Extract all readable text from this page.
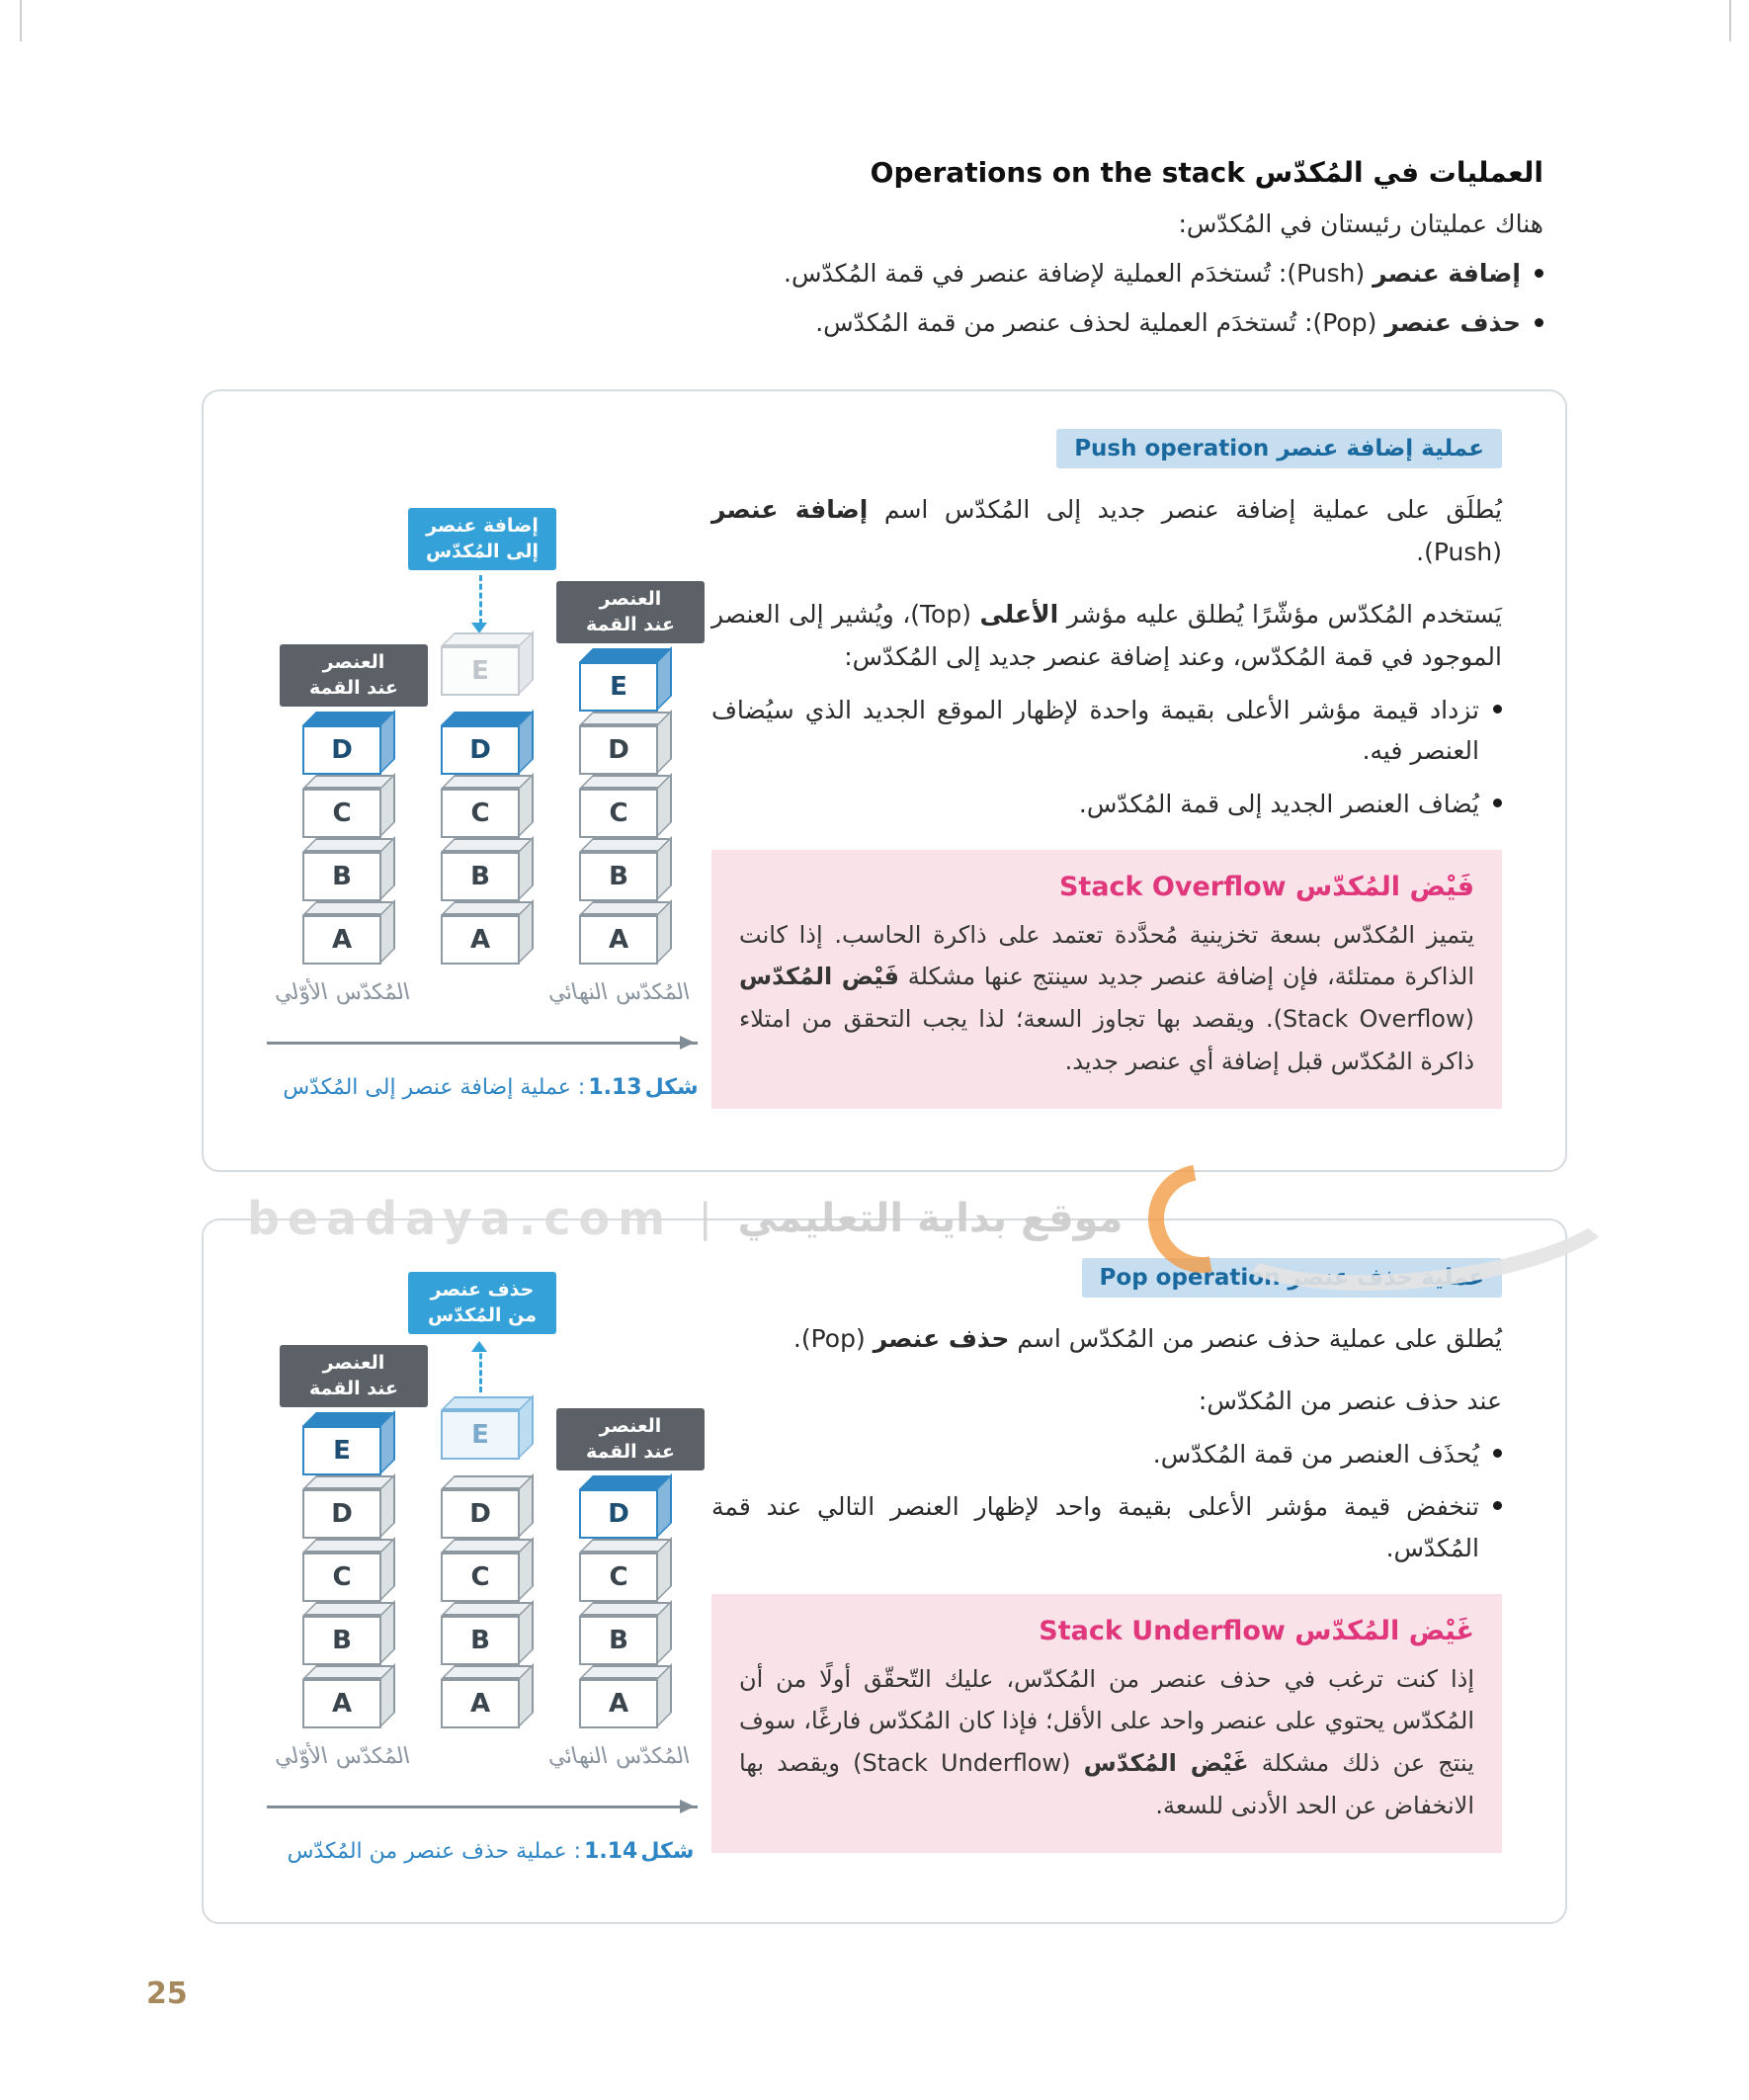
العمليات في المُكدّس Operations on the stack
هناك عمليتان رئيستان في المُكدّس:
إضافة عنصر (Push): تُستخدَم العملية لإضافة عنصر في قمة المُكدّس.
حذف عنصر (Pop): تُستخدَم العملية لحذف عنصر من قمة المُكدّس.
عملية إضافة عنصر Push operation

يُطلَق على عملية إضافة عنصر جديد إلى المُكدّس اسم إضافة عنصر (Push).

يَستخدم المُكدّس مؤشّرًا يُطلق عليه مؤشر الأعلى (Top)، ويُشير إلى العنصر الموجود في قمة المُكدّس، وعند إضافة عنصر جديد إلى المُكدّس:

تزداد قيمة مؤشر الأعلى بقيمة واحدة لإظهار الموقع الجديد الذي سيُضاف العنصر فيه.
يُضاف العنصر الجديد إلى قمة المُكدّس.
فَيْض المُكدّس Stack Overflow

يتميز المُكدّس بسعة تخزينية مُحدَّدة تعتمد على ذاكرة الحاسب. إذا كانت الذاكرة ممتلئة، فإن إضافة عنصر جديد سينتج عنها مشكلة فَيْض المُكدّس (Stack Overflow). ويقصد بها تجاوز السعة؛ لذا يجب التحقق من امتلاء ذاكرة المُكدّس قبل إضافة أي عنصر جديد.

إضافة عنصر
إلى المُكدّس
العنصر
عند القمة
العنصر
عند القمة
D
C
B
A
E
D
C
B
A
E
D
C
B
A
المُكدّس الأوّلي	المُكدّس النهائي
شكل1.13: عملية إضافة عنصر إلى المُكدّس
beadaya.com | موقع بداية التعليمي
عملية حذف عنصر Pop operation

يُطلق على عملية حذف عنصر من المُكدّس اسم حذف عنصر (Pop).

عند حذف عنصر من المُكدّس:

يُحذَف العنصر من قمة المُكدّس.
تنخفض قيمة مؤشر الأعلى بقيمة واحد لإظهار العنصر التالي عند قمة المُكدّس.
غَيْض المُكدّس Stack Underflow

إذا كنت ترغب في حذف عنصر من المُكدّس، عليك التّحقّق أولًا من أن المُكدّس يحتوي على عنصر واحد على الأقل؛ فإذا كان المُكدّس فارغًا، سوف ينتج عن ذلك مشكلة غَيْض المُكدّس (Stack Underflow) ويقصد بها الانخفاض عن الحد الأدنى للسعة.

حذف عنصر
من المُكدّس
العنصر
عند القمة
العنصر
عند القمة
E
D
C
B
A
E
D
C
B
A
D
C
B
A
المُكدّس الأوّلي	المُكدّس النهائي
شكل1.14: عملية حذف عنصر من المُكدّس
25
